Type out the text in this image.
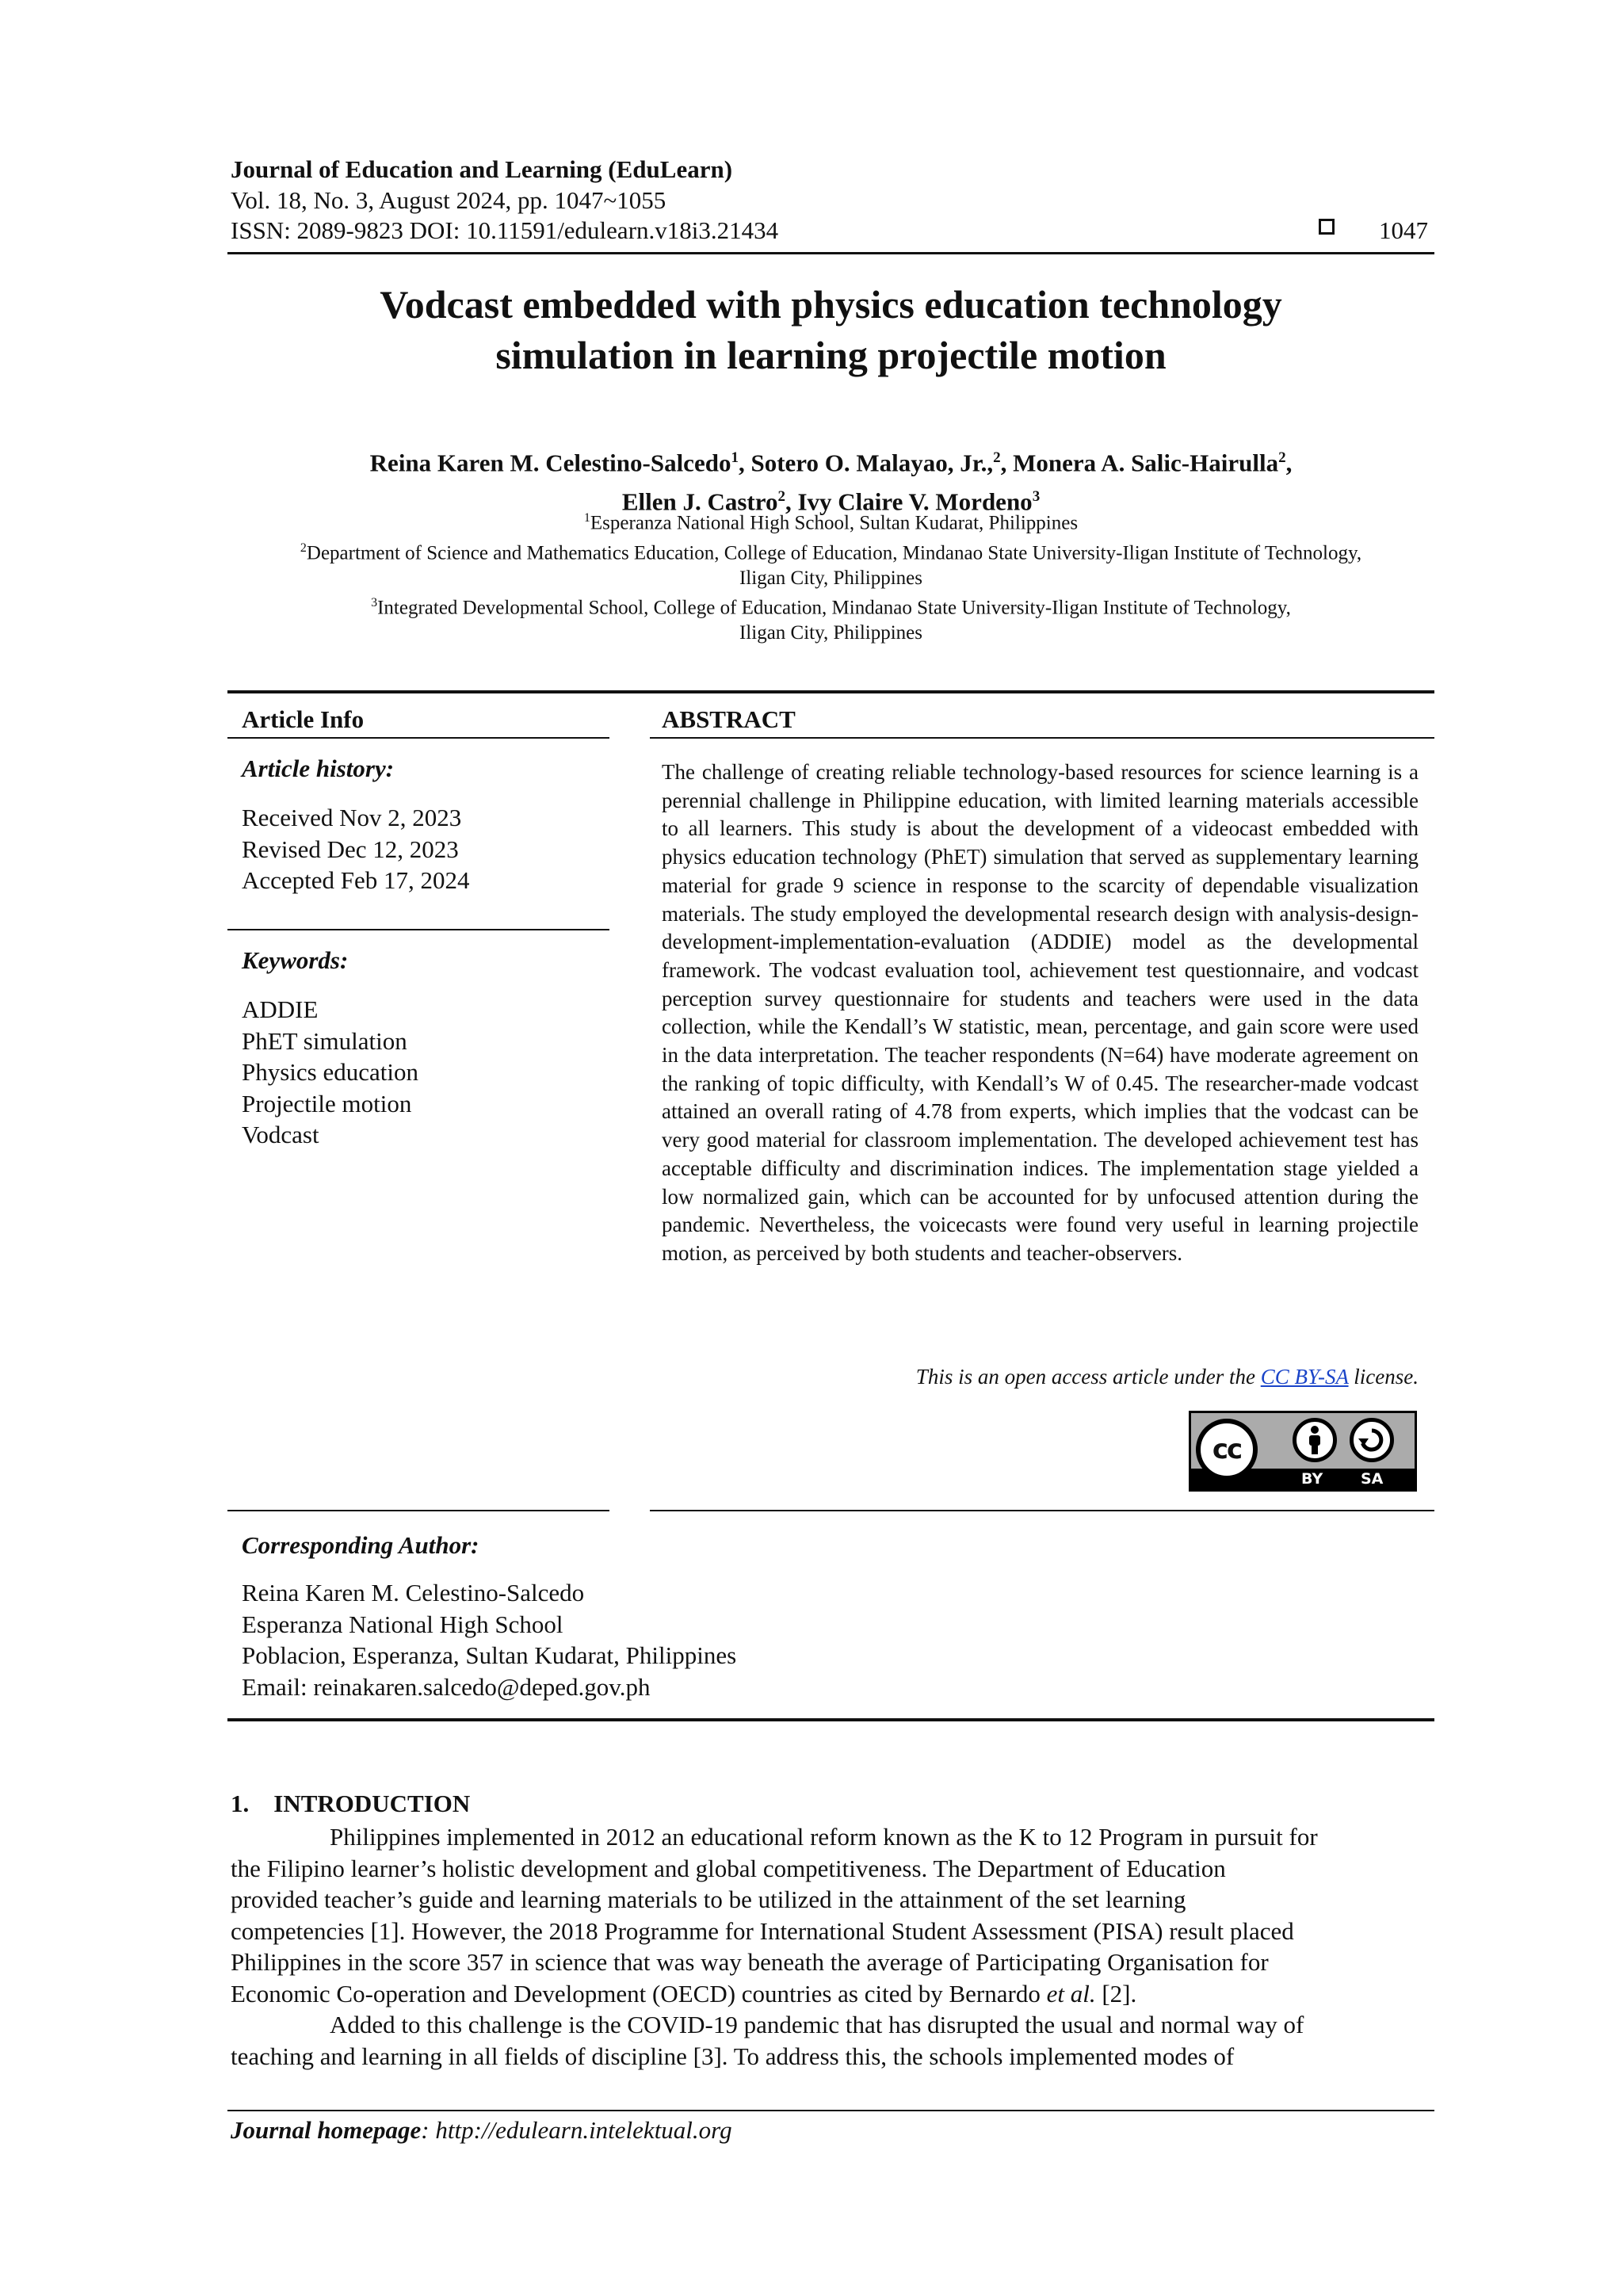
Journal of Education and Learning (EduLearn)
Vol. 18, No. 3, August 2024, pp. 1047~1055
ISSN: 2089-9823 DOI: 10.11591/edulearn.v18i3.21434	1047
Vodcast embedded with physics education technology
simulation in learning projectile motion
Reina Karen M. Celestino-Salcedo$^1$, Sotero O. Malayao, Jr.,$^2$, Monera A. Salic-Hairulla$^2$,
Ellen J. Castro$^2$, Ivy Claire V. Mordeno$^3$
$^1$Esperanza National High School, Sultan Kudarat, Philippines
$^2$Department of Science and Mathematics Education, College of Education, Mindanao State University-Iligan Institute of Technology,
Iligan City, Philippines
$^3$Integrated Developmental School, College of Education, Mindanao State University-Iligan Institute of Technology,
Iligan City, Philippines
Article Info
Article history:
Received Nov 2, 2023
Revised Dec 12, 2023
Accepted Feb 17, 2024
Keywords:
ADDIE
PhET simulation
Physics education
Projectile motion
Vodcast
ABSTRACT
The challenge of creating reliable technology-based resources for science learning is a perennial challenge in Philippine education, with limited learning materials accessible to all learners. This study is about the development of a videocast embedded with physics education technology (PhET) simulation that served as supplementary learning material for grade 9 science in response to the scarcity of dependable visualization materials. The study employed the developmental research design with analysis-design-development-implementation-evaluation (ADDIE) model as the developmental framework. The vodcast evaluation tool, achievement test questionnaire, and vodcast perception survey questionnaire for students and teachers were used in the data collection, while the Kendall’s W statistic, mean, percentage, and gain score were used in the data interpretation. The teacher respondents (N=64) have moderate agreement on the ranking of topic difficulty, with Kendall’s W of 0.45. The researcher-made vodcast attained an overall rating of 4.78 from experts, which implies that the vodcast can be very good material for classroom implementation. The developed achievement test has acceptable difficulty and discrimination indices. The implementation stage yielded a low normalized gain, which can be accounted for by unfocused attention during the pandemic. Nevertheless, the voicecasts were found very useful in learning projectile motion, as perceived by both students and teacher-observers.
This is an open access article under the CC BY-SA license.
cc
BY	SA
Corresponding Author:
Reina Karen M. Celestino-Salcedo
Esperanza National High School
Poblacion, Esperanza, Sultan Kudarat, Philippines
Email: reinakaren.salcedo@deped.gov.ph
1. INTRODUCTION
Philippines implemented in 2012 an educational reform known as the K to 12 Program in pursuit for
the Filipino learner’s holistic development and global competitiveness. The Department of Education
provided teacher’s guide and learning materials to be utilized in the attainment of the set learning
competencies [1]. However, the 2018 Programme for International Student Assessment (PISA) result placed
Philippines in the score 357 in science that was way beneath the average of Participating Organisation for
Economic Co-operation and Development (OECD) countries as cited by Bernardo et al. [2].
Added to this challenge is the COVID-19 pandemic that has disrupted the usual and normal way of
teaching and learning in all fields of discipline [3]. To address this, the schools implemented modes of
Journal homepage: http://edulearn.intelektual.org
